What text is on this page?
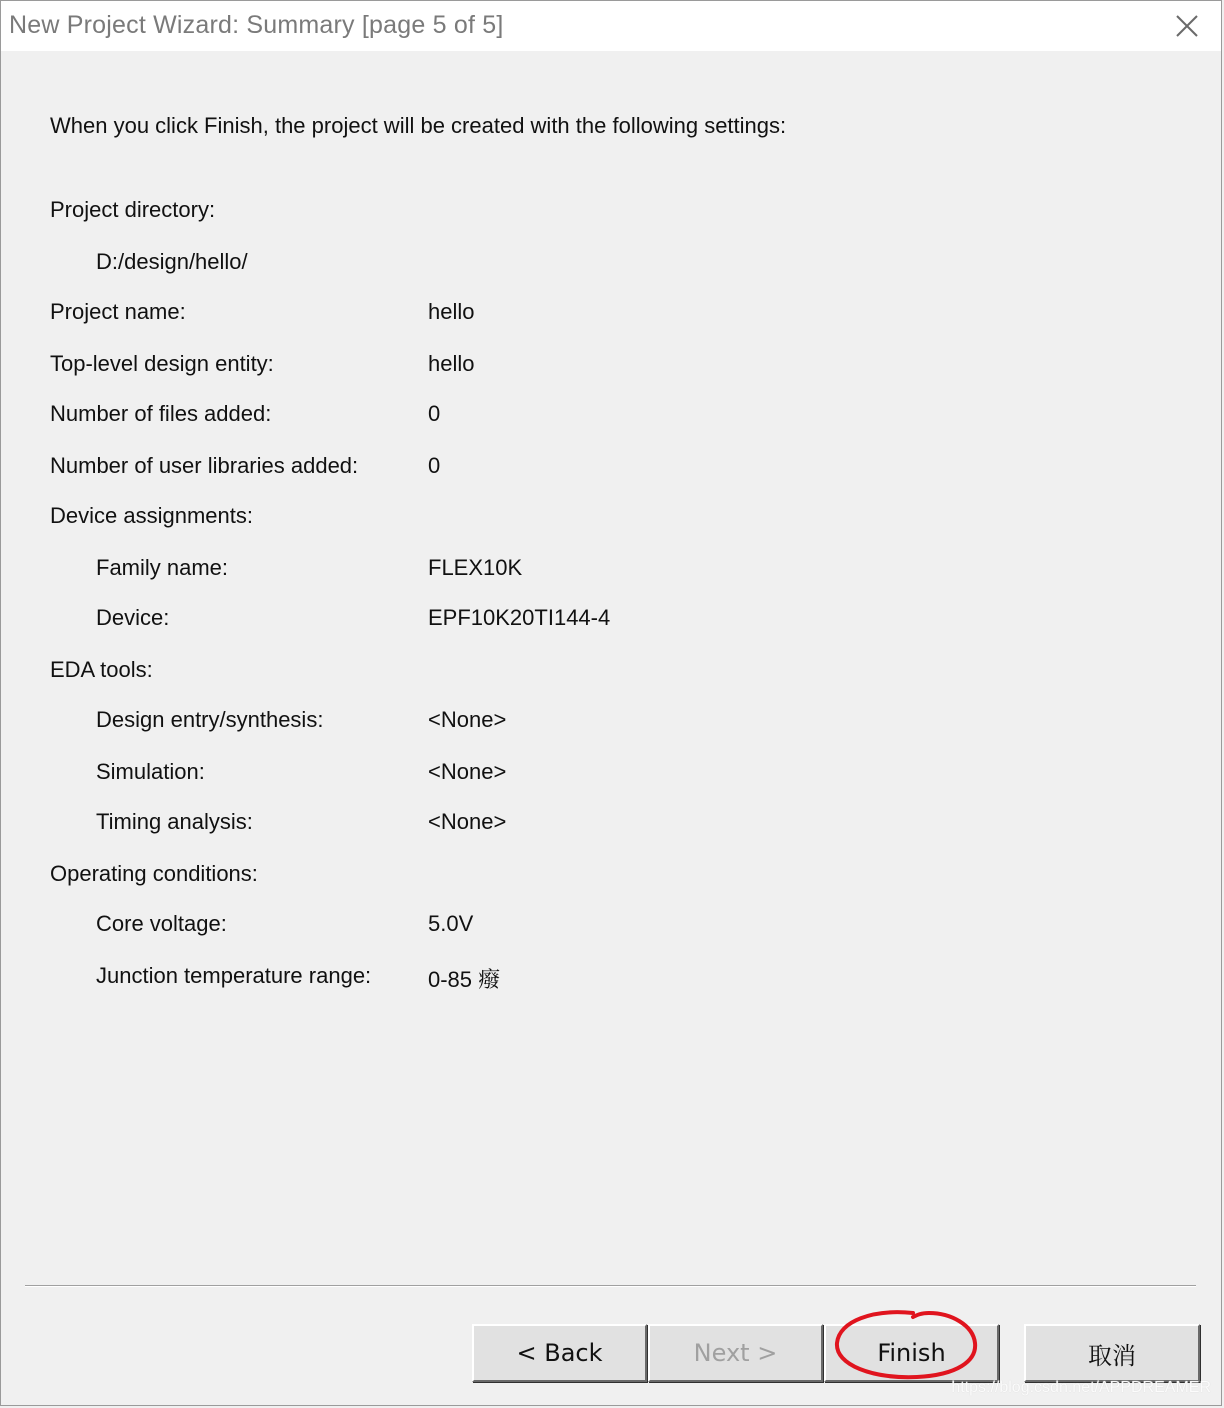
New Project Wizard: Summary [page 5 of 5]
When you click Finish, the project will be created with the following settings:
Project directory:
D:/design/hello/
Project name:	hello
Top-level design entity:	hello
Number of files added:	0
Number of user libraries added:	0
Device assignments:
Family name:	FLEX10K
Device:	EPF10K20TI144-4
EDA tools:
Design entry/synthesis:	<None>
Simulation:	<None>
Timing analysis:	<None>
Operating conditions:
Core voltage:	5.0V
Junction temperature range:	0-85 癈
< Back	Next >	Finish	取消
https://blog.csdn.net/APPDREAMER
